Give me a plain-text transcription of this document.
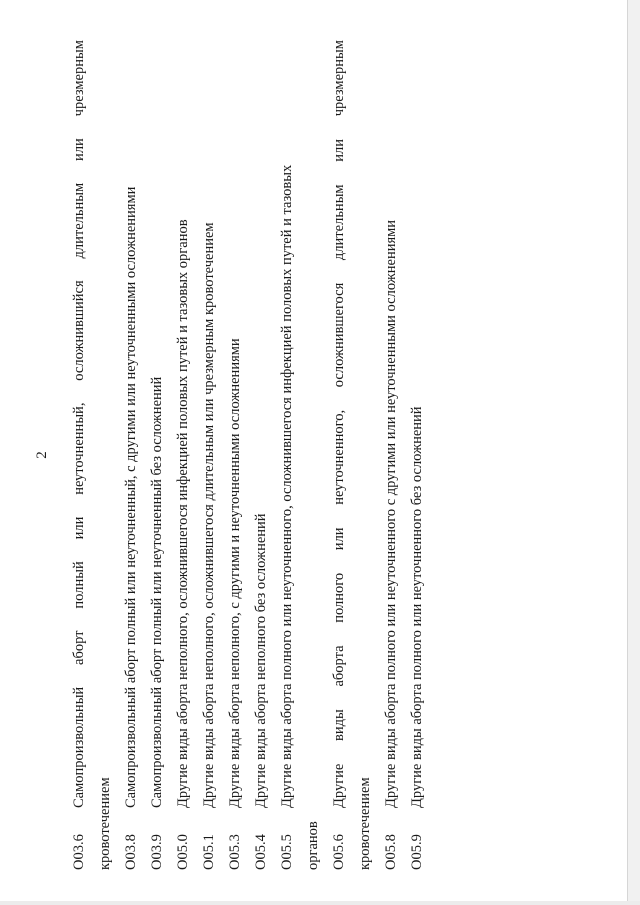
2
O03.6
Самопроизвольный
аборт
полный
или
неуточненный,
осложнившийся
длительным
или
чрезмерным
кровотечением O03.8
Самопроизвольный аборт полный или неуточненный, с другими или неуточненными осложнениями
O03.9
Самопроизвольный аборт полный или неуточненный без осложнений
O05.0
Другие виды аборта неполного, осложнившегося инфекцией половых путей и тазовых органов
O05.1
Другие виды аборта неполного, осложнившегося длительным или чрезмерным кровотечением
O05.3
Другие виды аборта неполного, с другими и неуточненными осложнениями
O05.4
Другие виды аборта неполного без осложнений
O05.5
Другие виды аборта полного или неуточненного, осложнившегося инфекцией половых путей и тазовых
органов O05.6
Другие
виды
аборта
полного
или
неуточненного,
осложнившегося
длительным
или
чрезмерным
кровотечением O05.8
Другие виды аборта полного или неуточненного с другими или неуточненными осложнениями
O05.9
Другие виды аборта полного или неуточненного без осложнений
